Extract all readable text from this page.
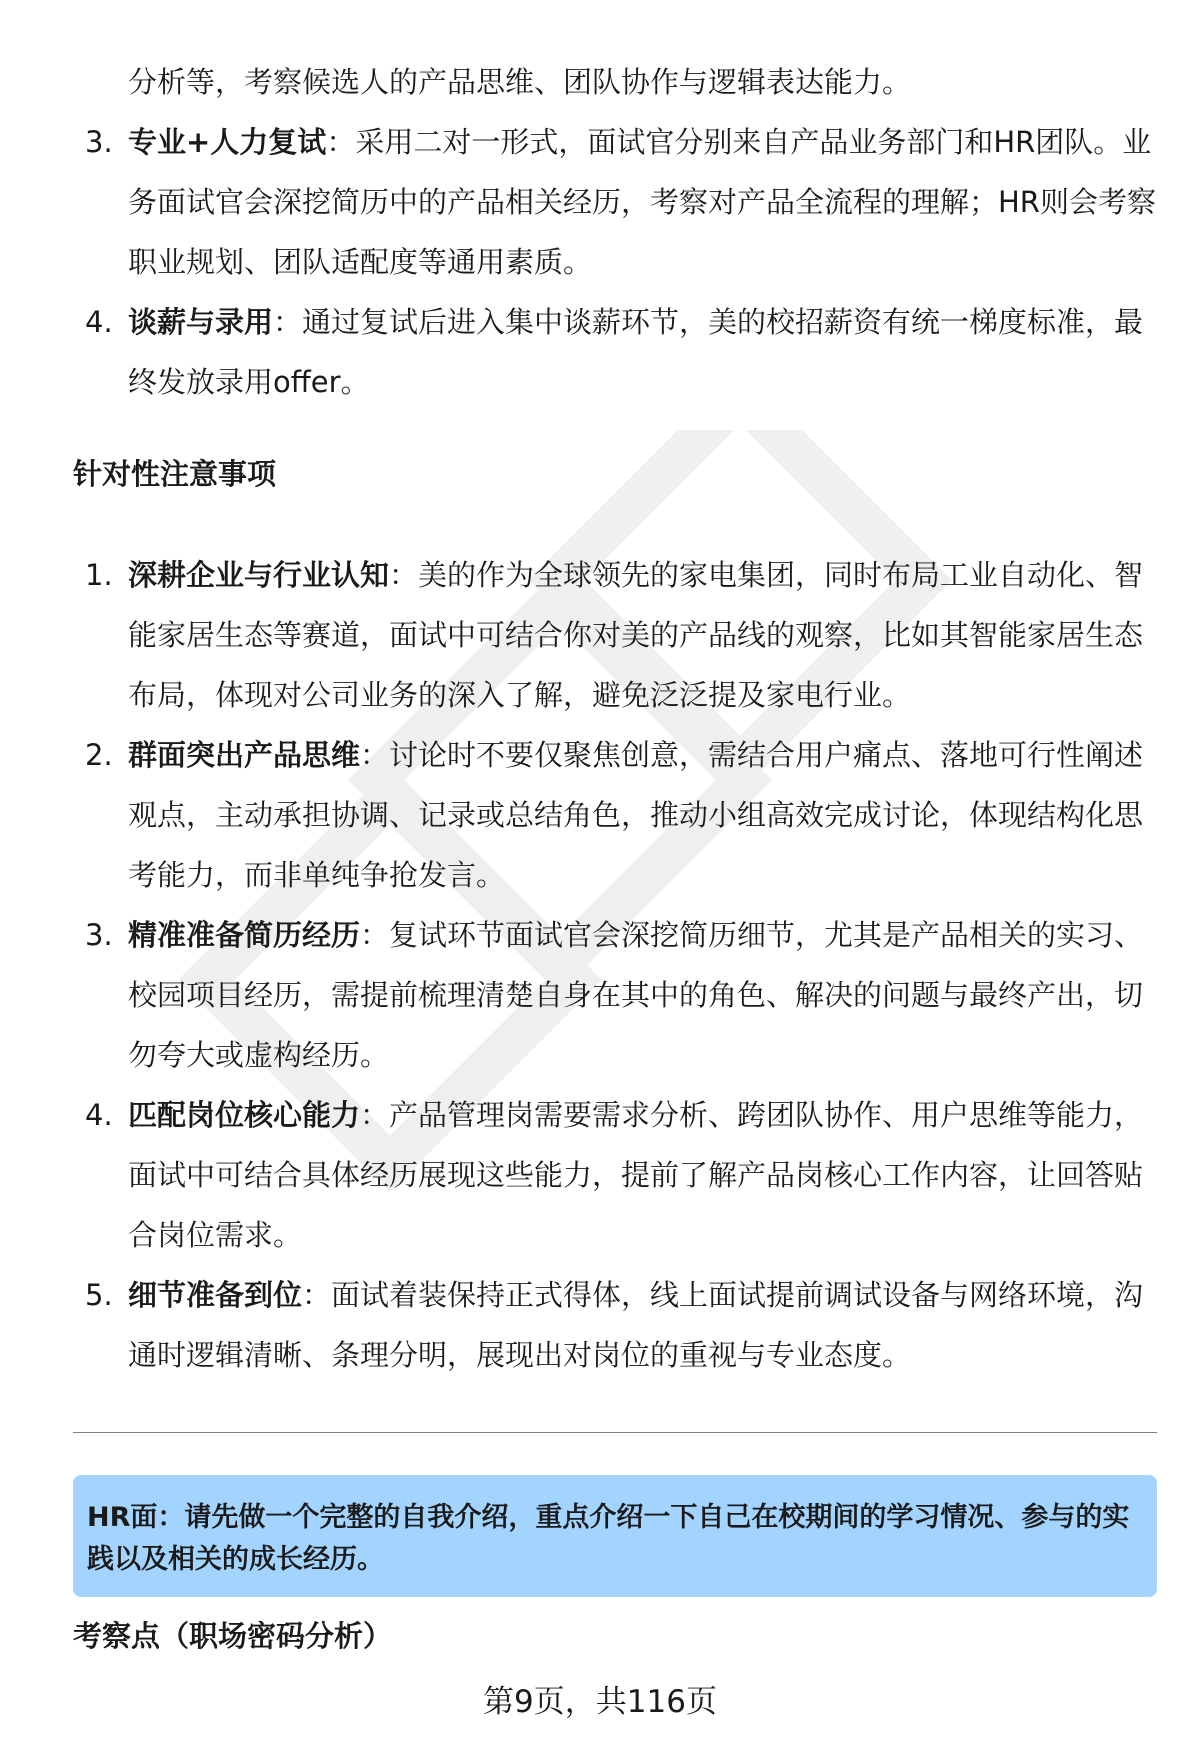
分析等，考察候选人的产品思维、团队协作与逻辑表达能力。
3. 专业+人力复试：采用二对一形式，面试官分别来自产品业务部门和HR团队。业务面试官会深挖简历中的产品相关经历，考察对产品全流程的理解；HR则会考察职业规划、团队适配度等通用素质。
4. 谈薪与录用：通过复试后进入集中谈薪环节，美的校招薪资有统一梯度标准，最终发放录用offer。
针对性注意事项
1. 深耕企业与行业认知：美的作为全球领先的家电集团，同时布局工业自动化、智能家居生态等赛道，面试中可结合你对美的产品线的观察，比如其智能家居生态布局，体现对公司业务的深入了解，避免泛泛提及家电行业。
2. 群面突出产品思维：讨论时不要仅聚焦创意，需结合用户痛点、落地可行性阐述观点，主动承担协调、记录或总结角色，推动小组高效完成讨论，体现结构化思考能力，而非单纯争抢发言。
3. 精准准备简历经历：复试环节面试官会深挖简历细节，尤其是产品相关的实习、校园项目经历，需提前梳理清楚自身在其中的角色、解决的问题与最终产出，切勿夸大或虚构经历。
4. 匹配岗位核心能力：产品管理岗需要需求分析、跨团队协作、用户思维等能力，面试中可结合具体经历展现这些能力，提前了解产品岗核心工作内容，让回答贴合岗位需求。
5. 细节准备到位：面试着装保持正式得体，线上面试提前调试设备与网络环境，沟通时逻辑清晰、条理分明，展现出对岗位的重视与专业态度。
HR面：请先做一个完整的自我介绍，重点介绍一下自己在校期间的学习情况、参与的实践以及相关的成长经历。
考察点（职场密码分析）
第9页，共116页
